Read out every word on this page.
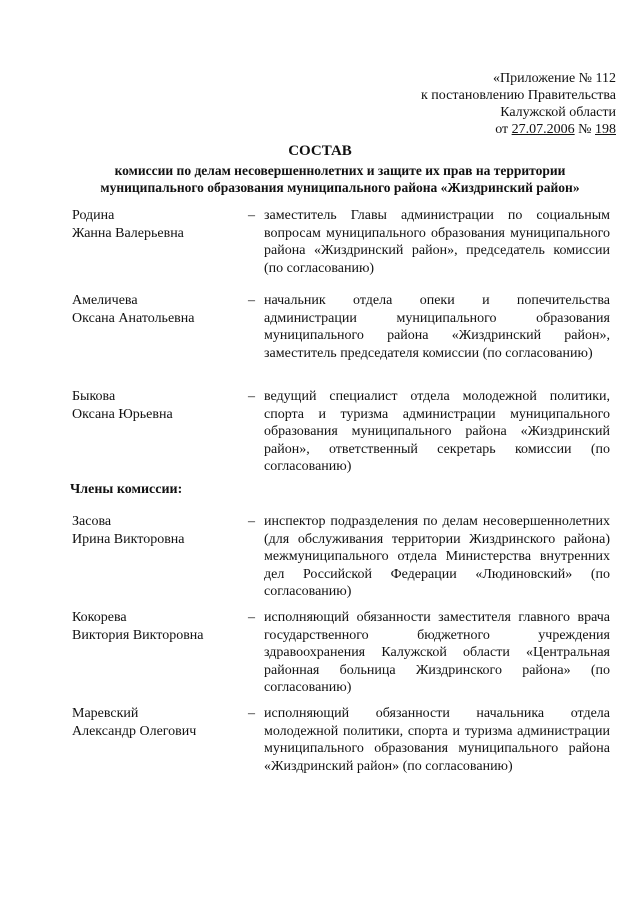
«Приложение № 112
к постановлению Правительства
Калужской области
от 27.07.2006 № 198
СОСТАВ
комиссии по делам несовершеннолетних и защите их прав на территории
муниципального образования муниципального района «Жиздринский район»
Родина
Жанна Валерьевна
– заместитель Главы администрации по социальным вопросам муниципального образования муниципального района «Жиздринский район», председатель комиссии (по согласованию)
Амеличева
Оксана Анатольевна
– начальник отдела опеки и попечительства администрации муниципального образования муниципального района «Жиздринский район», заместитель председателя комиссии (по согласованию)
Быкова
Оксана Юрьевна
– ведущий специалист отдела молодежной политики, спорта и туризма администрации муниципального образования муниципального района «Жиздринский район», ответственный секретарь комиссии (по согласованию)
Члены комиссии:
Засова
Ирина Викторовна
– инспектор подразделения по делам несовершеннолетних (для обслуживания территории Жиздринского района) межмуниципального отдела Министерства внутренних дел Российской Федерации «Людиновский» (по согласованию)
Кокорева
Виктория Викторовна
– исполняющий обязанности заместителя главного врача государственного бюджетного учреждения здравоохранения Калужской области «Центральная районная больница Жиздринского района» (по согласованию)
Маревский
Александр Олегович
– исполняющий обязанности начальника отдела молодежной политики, спорта и туризма администрации муниципального образования муниципального района «Жиздринский район» (по согласованию)
